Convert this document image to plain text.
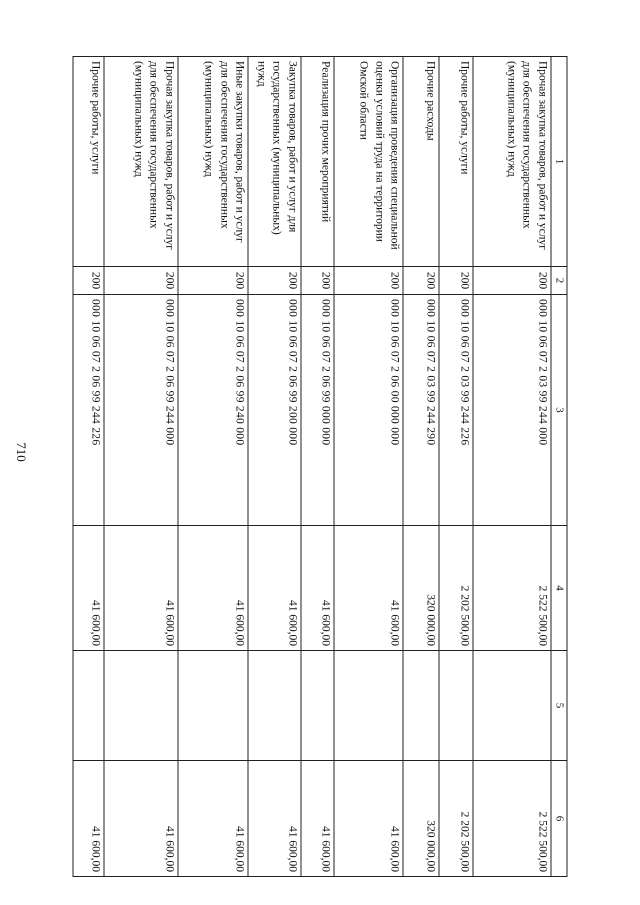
710
1	2	3	4	5	6
Прочая закупка товаров, работ и услуг для обеспечения государственных (муниципальных) нужд	200	000 10 06 07 2 03 99 244 000	2 522 500,00		2 522 500,00
Прочие работы, услуги	200	000 10 06 07 2 03 99 244 226	2 202 500,00		2 202 500,00
Прочие расходы	200	000 10 06 07 2 03 99 244 290	320 000,00		320 000,00
Организация проведения специальной оценки условий труда на территории Омской области	200	000 10 06 07 2 06 00 000 000	41 600,00		41 600,00
Реализация прочих мероприятий	200	000 10 06 07 2 06 99 000 000	41 600,00		41 600,00
Закупка товаров, работ и услуг для государственных (муниципальных) нужд	200	000 10 06 07 2 06 99 200 000	41 600,00		41 600,00
Иные закупки товаров, работ и услуг для обеспечения государственных (муниципальных) нужд	200	000 10 06 07 2 06 99 240 000	41 600,00		41 600,00
Прочая закупка товаров, работ и услуг для обеспечения государственных (муниципальных) нужд	200	000 10 06 07 2 06 99 244 000	41 600,00		41 600,00
Прочие работы, услуги	200	000 10 06 07 2 06 99 244 226	41 600,00		41 600,00
